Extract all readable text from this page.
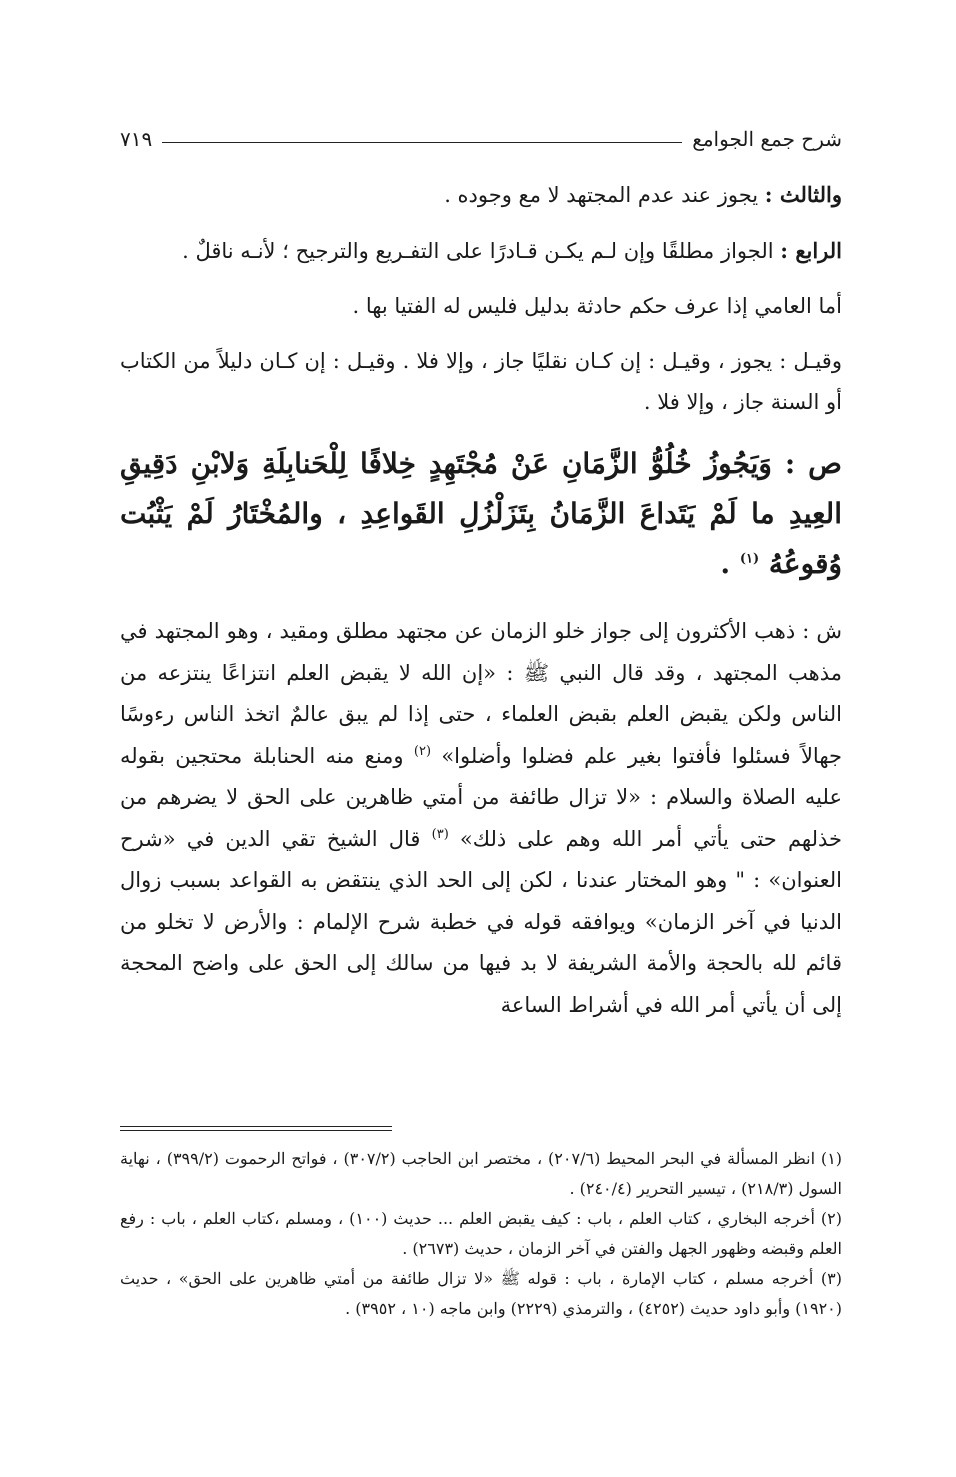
شرح جمع الجوامع
٧١٩

والثالث : يجوز عند عدم المجتهد لا مع وجوده .

الرابع : الجواز مطلقًا وإن لـم يكـن قـادرًا على التفـريع والترجيح ؛ لأنـه ناقلٌ .

أما العامي إذا عرف حكم حادثة بدليل فليس له الفتيا بها .

وقيـل : يجوز ، وقيـل : إن كـان نقليًا جاز ، وإلا فلا . وقيـل : إن كـان دليلاً من الكتاب أو السنة جاز ، وإلا فلا .

ص : وَيَجُوزُ خُلُوُّ الزَّمَانِ عَنْ مُجْتَهِدٍ خِلافًا لِلْحَنابِلَةِ وَلابْنِ دَقِيقِ العِيدِ ما لَمْ يَتَداعَ الزَّمَانُ بِتَزَلْزُلِ القَواعِدِ ، والمُخْتَارُ لَمْ يَثْبُت وُقوعُهُ $^{(١)}$ .

ش : ذهب الأكثرون إلى جواز خلو الزمان عن مجتهد مطلق ومقيد ، وهو المجتهد في مذهب المجتهد ، وقد قال النبي ﷺ : «إن الله لا يقبض العلم انتزاعًا ينتزعه من الناس ولكن يقبض العلم بقبض العلماء ، حتى إذا لم يبق عالمٌ اتخذ الناس رءوسًا جهالاً فسئلوا فأفتوا بغير علم فضلوا وأضلوا» $^{(٢)}$ ومنع منه الحنابلة محتجين بقوله عليه الصلاة والسلام : «لا تزال طائفة من أمتي ظاهرين على الحق لا يضرهم من خذلهم حتى يأتي أمر الله وهم على ذلك» $^{(٣)}$ قال الشيخ تقي الدين في «شرح العنوان» : " وهو المختار عندنا ، لكن إلى الحد الذي ينتقض به القواعد بسبب زوال الدنيا في آخر الزمان» ويوافقه قوله في خطبة شرح الإلمام : والأرض لا تخلو من قائم لله بالحجة والأمة الشريفة لا بد فيها من سالك إلى الحق على واضح المحجة إلى أن يأتي أمر الله في أشراط الساعة

(١) انظر المسألة في البحر المحيط (٢٠٧/٦) ، مختصر ابن الحاجب (٣٠٧/٢) ، فواتح الرحموت (٣٩٩/٢) ، نهاية السول (٢١٨/٣) ، تيسير التحرير (٢٤٠/٤) .

(٢) أخرجه البخاري ، كتاب العلم ، باب : كيف يقبض العلم ... حديث (١٠٠) ، ومسلم ،كتاب العلم ، باب : رفع العلم وقبضه وظهور الجهل والفتن في آخر الزمان ، حديث (٢٦٧٣) .

(٣) أخرجه مسلم ، كتاب الإمارة ، باب : قوله ﷺ «لا تزال طائفة من أمتي ظاهرين على الحق» ، حديث (١٩٢٠) وأبو داود حديث (٤٢٥٢) ، والترمذي (٢٢٢٩) وابن ماجه (١٠ ، ٣٩٥٢) .
